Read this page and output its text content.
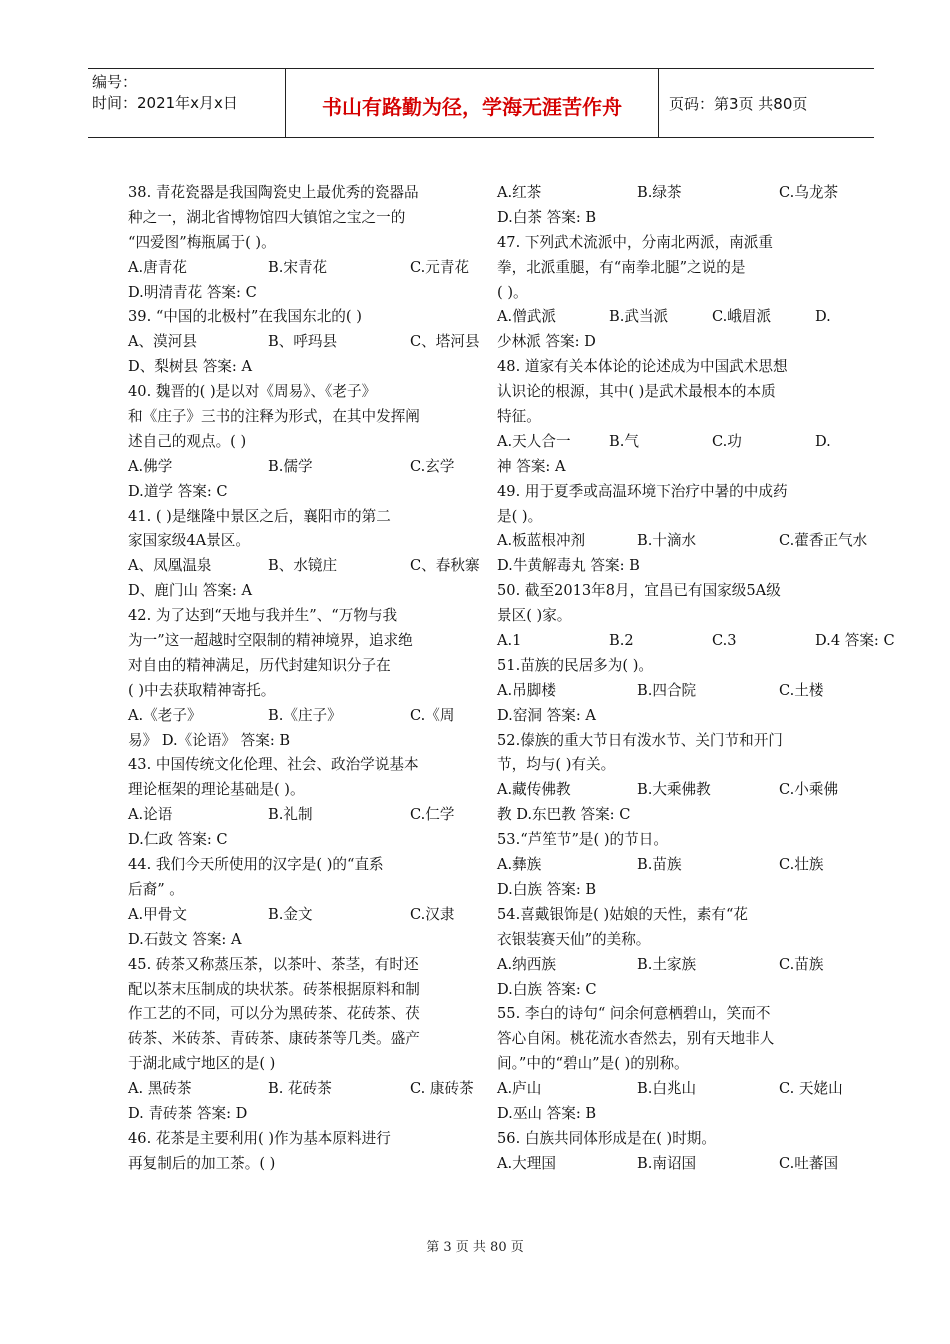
编号：
时间：2021年x月x日	书山有路勤为径，学海无涯苦作舟	页码：第3页 共80页
38. 青花瓷器是我国陶瓷史上最优秀的瓷器品
种之一，湖北省博物馆四大镇馆之宝之一的
“四爱图”梅瓶属于( )。
A.唐青花	B.宋青花	C.元青花
D.明清青花 答案: C
39. “中国的北极村”在我国东北的( )
A、漠河县	B、呼玛县	C、塔河县
D、梨树县 答案: A
40. 魏晋的( )是以对《周易》、《老子》
和《庄子》三书的注释为形式，在其中发挥阐
述自己的观点。( )
A.佛学	B.儒学	C.玄学
D.道学 答案: C
41. ( )是继隆中景区之后，襄阳市的第二
家国家级4A景区。
A、凤凰温泉	B、水镜庄	C、春秋寨
D、鹿门山 答案: A
42. 为了达到“天地与我并生”、“万物与我
为一”这一超越时空限制的精神境界，追求绝
对自由的精神满足，历代封建知识分子在
( )中去获取精神寄托。
A.《老子》	B.《庄子》	C.《周
易》 D.《论语》 答案: B
43. 中国传统文化伦理、社会、政治学说基本
理论框架的理论基础是( )。
A.论语	B.礼制	C.仁学
D.仁政 答案: C
44. 我们今天所使用的汉字是( )的“直系
后裔” 。
A.甲骨文	B.金文	C.汉隶
D.石鼓文 答案: A
45. 砖茶又称蒸压茶，以茶叶、茶茎，有时还
配以茶末压制成的块状茶。砖茶根据原料和制
作工艺的不同，可以分为黑砖茶、花砖茶、茯
砖茶、米砖茶、青砖茶、康砖茶等几类。盛产
于湖北咸宁地区的是( )
A. 黑砖茶	B. 花砖茶	C. 康砖茶
D. 青砖茶 答案: D
46. 花茶是主要利用( )作为基本原料进行
再复制后的加工茶。( )
A.红茶	B.绿茶	C.乌龙茶
D.白茶 答案: B
47. 下列武术流派中，分南北两派，南派重
拳，北派重腿，有“南拳北腿”之说的是
( )。
A.僧武派	B.武当派	C.峨眉派	D.
少林派 答案: D
48. 道家有关本体论的论述成为中国武术思想
认识论的根源，其中( )是武术最根本的本质
特征。
A.天人合一	B.气	C.功	D.
神 答案: A
49. 用于夏季或高温环境下治疗中暑的中成药
是( )。
A.板蓝根冲剂	B.十滴水	C.藿香正气水
D.牛黄解毒丸 答案: B
50. 截至2013年8月，宜昌已有国家级5A级
景区( )家。
A.1	B.2	C.3	D.4 答案: C
51.苗族的民居多为( )。
A.吊脚楼	B.四合院	C.土楼
D.窑洞 答案: A
52.傣族的重大节日有泼水节、关门节和开门
节，均与( )有关。
A.藏传佛教	B.大乘佛教	C.小乘佛
教 D.东巴教 答案: C
53.“芦笙节”是( )的节日。
A.彝族	B.苗族	C.壮族
D.白族 答案: B
54.喜戴银饰是( )姑娘的天性，素有“花
衣银装赛天仙”的美称。
A.纳西族	B.土家族	C.苗族
D.白族 答案: C
55. 李白的诗句“ 问余何意栖碧山，笑而不
答心自闲。桃花流水杳然去，别有天地非人
间。”中的“碧山”是( )的别称。
A.庐山	B.白兆山	C. 天姥山
D.巫山 答案: B
56. 白族共同体形成是在( )时期。
A.大理国	B.南诏国	C.吐蕃国
第 3 页 共 80 页
